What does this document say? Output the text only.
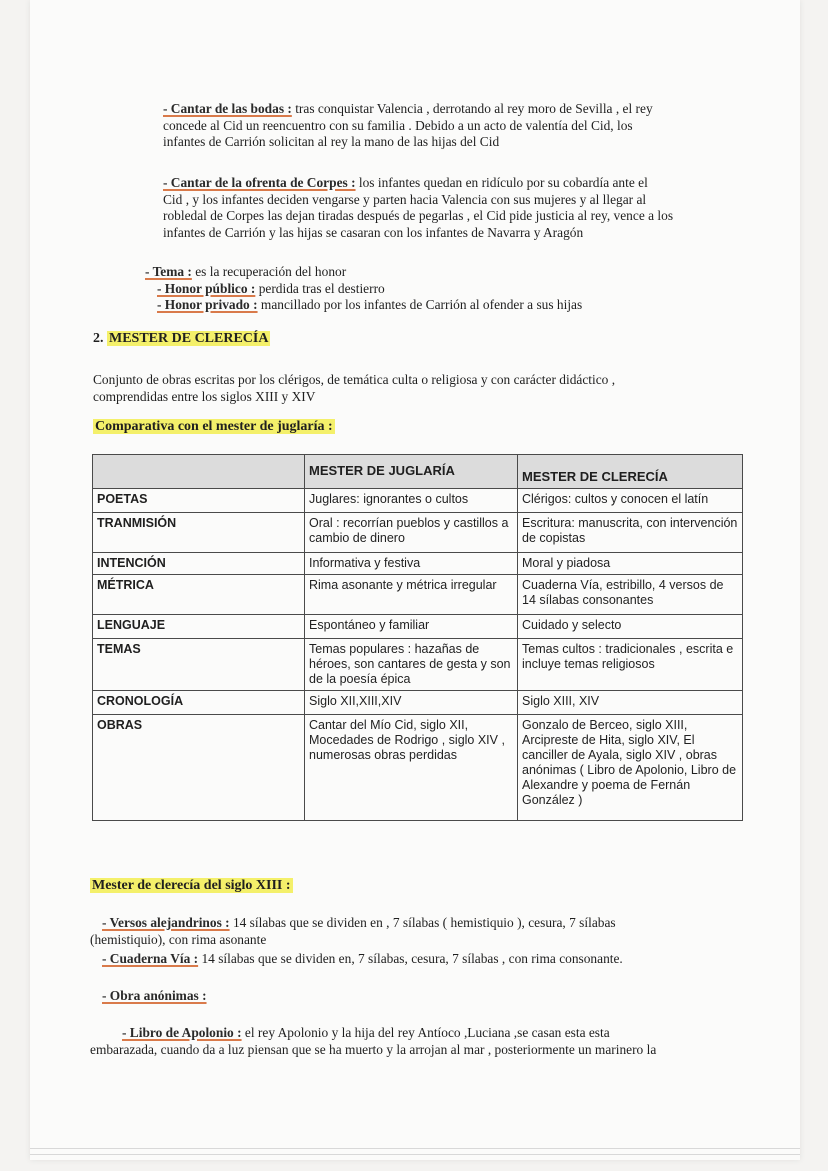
- Cantar de las bodas : tras conquistar Valencia , derrotando al rey moro de Sevilla , el rey
concede al Cid un reencuentro con su familia . Debido a un acto de valentía del Cid, los
infantes de Carrión solicitan al rey la mano de las hijas del Cid
- Cantar de la ofrenta de Corpes : los infantes quedan en ridículo por su cobardía ante el
Cid , y los infantes deciden vengarse y parten hacia Valencia con sus mujeres y al llegar al
robledal de Corpes las dejan tiradas después de pegarlas , el Cid pide justicia al rey, vence a los
infantes de Carrión y las hijas se casaran con los infantes de Navarra y Aragón
- Tema : es la recuperación del honor
- Honor público : perdida tras el destierro
- Honor privado : mancillado por los infantes de Carrión al ofender a sus hijas
2. MESTER DE CLERECÍA
Conjunto de obras escritas por los clérigos, de temática culta o religiosa y con carácter didáctico ,
comprendidas entre los siglos XIII y XIV
Comparativa con el mester de juglaría :
	MESTER DE JUGLARÍA	MESTER DE CLERECÍA
POETAS	Juglares: ignorantes o cultos	Clérigos: cultos y conocen el latín
TRANMISIÓN	Oral : recorrían pueblos y castillos a cambio de dinero	Escritura: manuscrita, con intervención de copistas
INTENCIÓN	Informativa y festiva	Moral y piadosa
MÉTRICA	Rima asonante y métrica irregular	Cuaderna Vía, estribillo, 4 versos de 14 sílabas consonantes
LENGUAJE	Espontáneo y familiar	Cuidado y selecto
TEMAS	Temas populares : hazañas de héroes, son cantares de gesta y son de la poesía épica	Temas cultos : tradicionales , escrita e incluye temas religiosos
CRONOLOGÍA	Siglo XII,XIII,XIV	Siglo XIII, XIV
OBRAS	Cantar del Mío Cid, siglo XII, Mocedades de Rodrigo , siglo XIV , numerosas obras perdidas	Gonzalo de Berceo, siglo XIII, Arcipreste de Hita, siglo XIV, El canciller de Ayala, siglo XIV , obras anónimas ( Libro de Apolonio, Libro de Alexandre y poema de Fernán González )
Mester de clerecía del siglo XIII :
- Versos alejandrinos : 14 sílabas que se dividen en , 7 sílabas ( hemistiquio ), cesura, 7 sílabas
(hemistiquio), con rima asonante
- Cuaderna Vía : 14 sílabas que se dividen en, 7 sílabas, cesura, 7 sílabas , con rima consonante.
- Obra anónimas :
- Libro de Apolonio : el rey Apolonio y la hija del rey Antíoco ,Luciana ,se casan esta esta
embarazada, cuando da a luz piensan que se ha muerto y la arrojan al mar , posteriormente un marinero la
